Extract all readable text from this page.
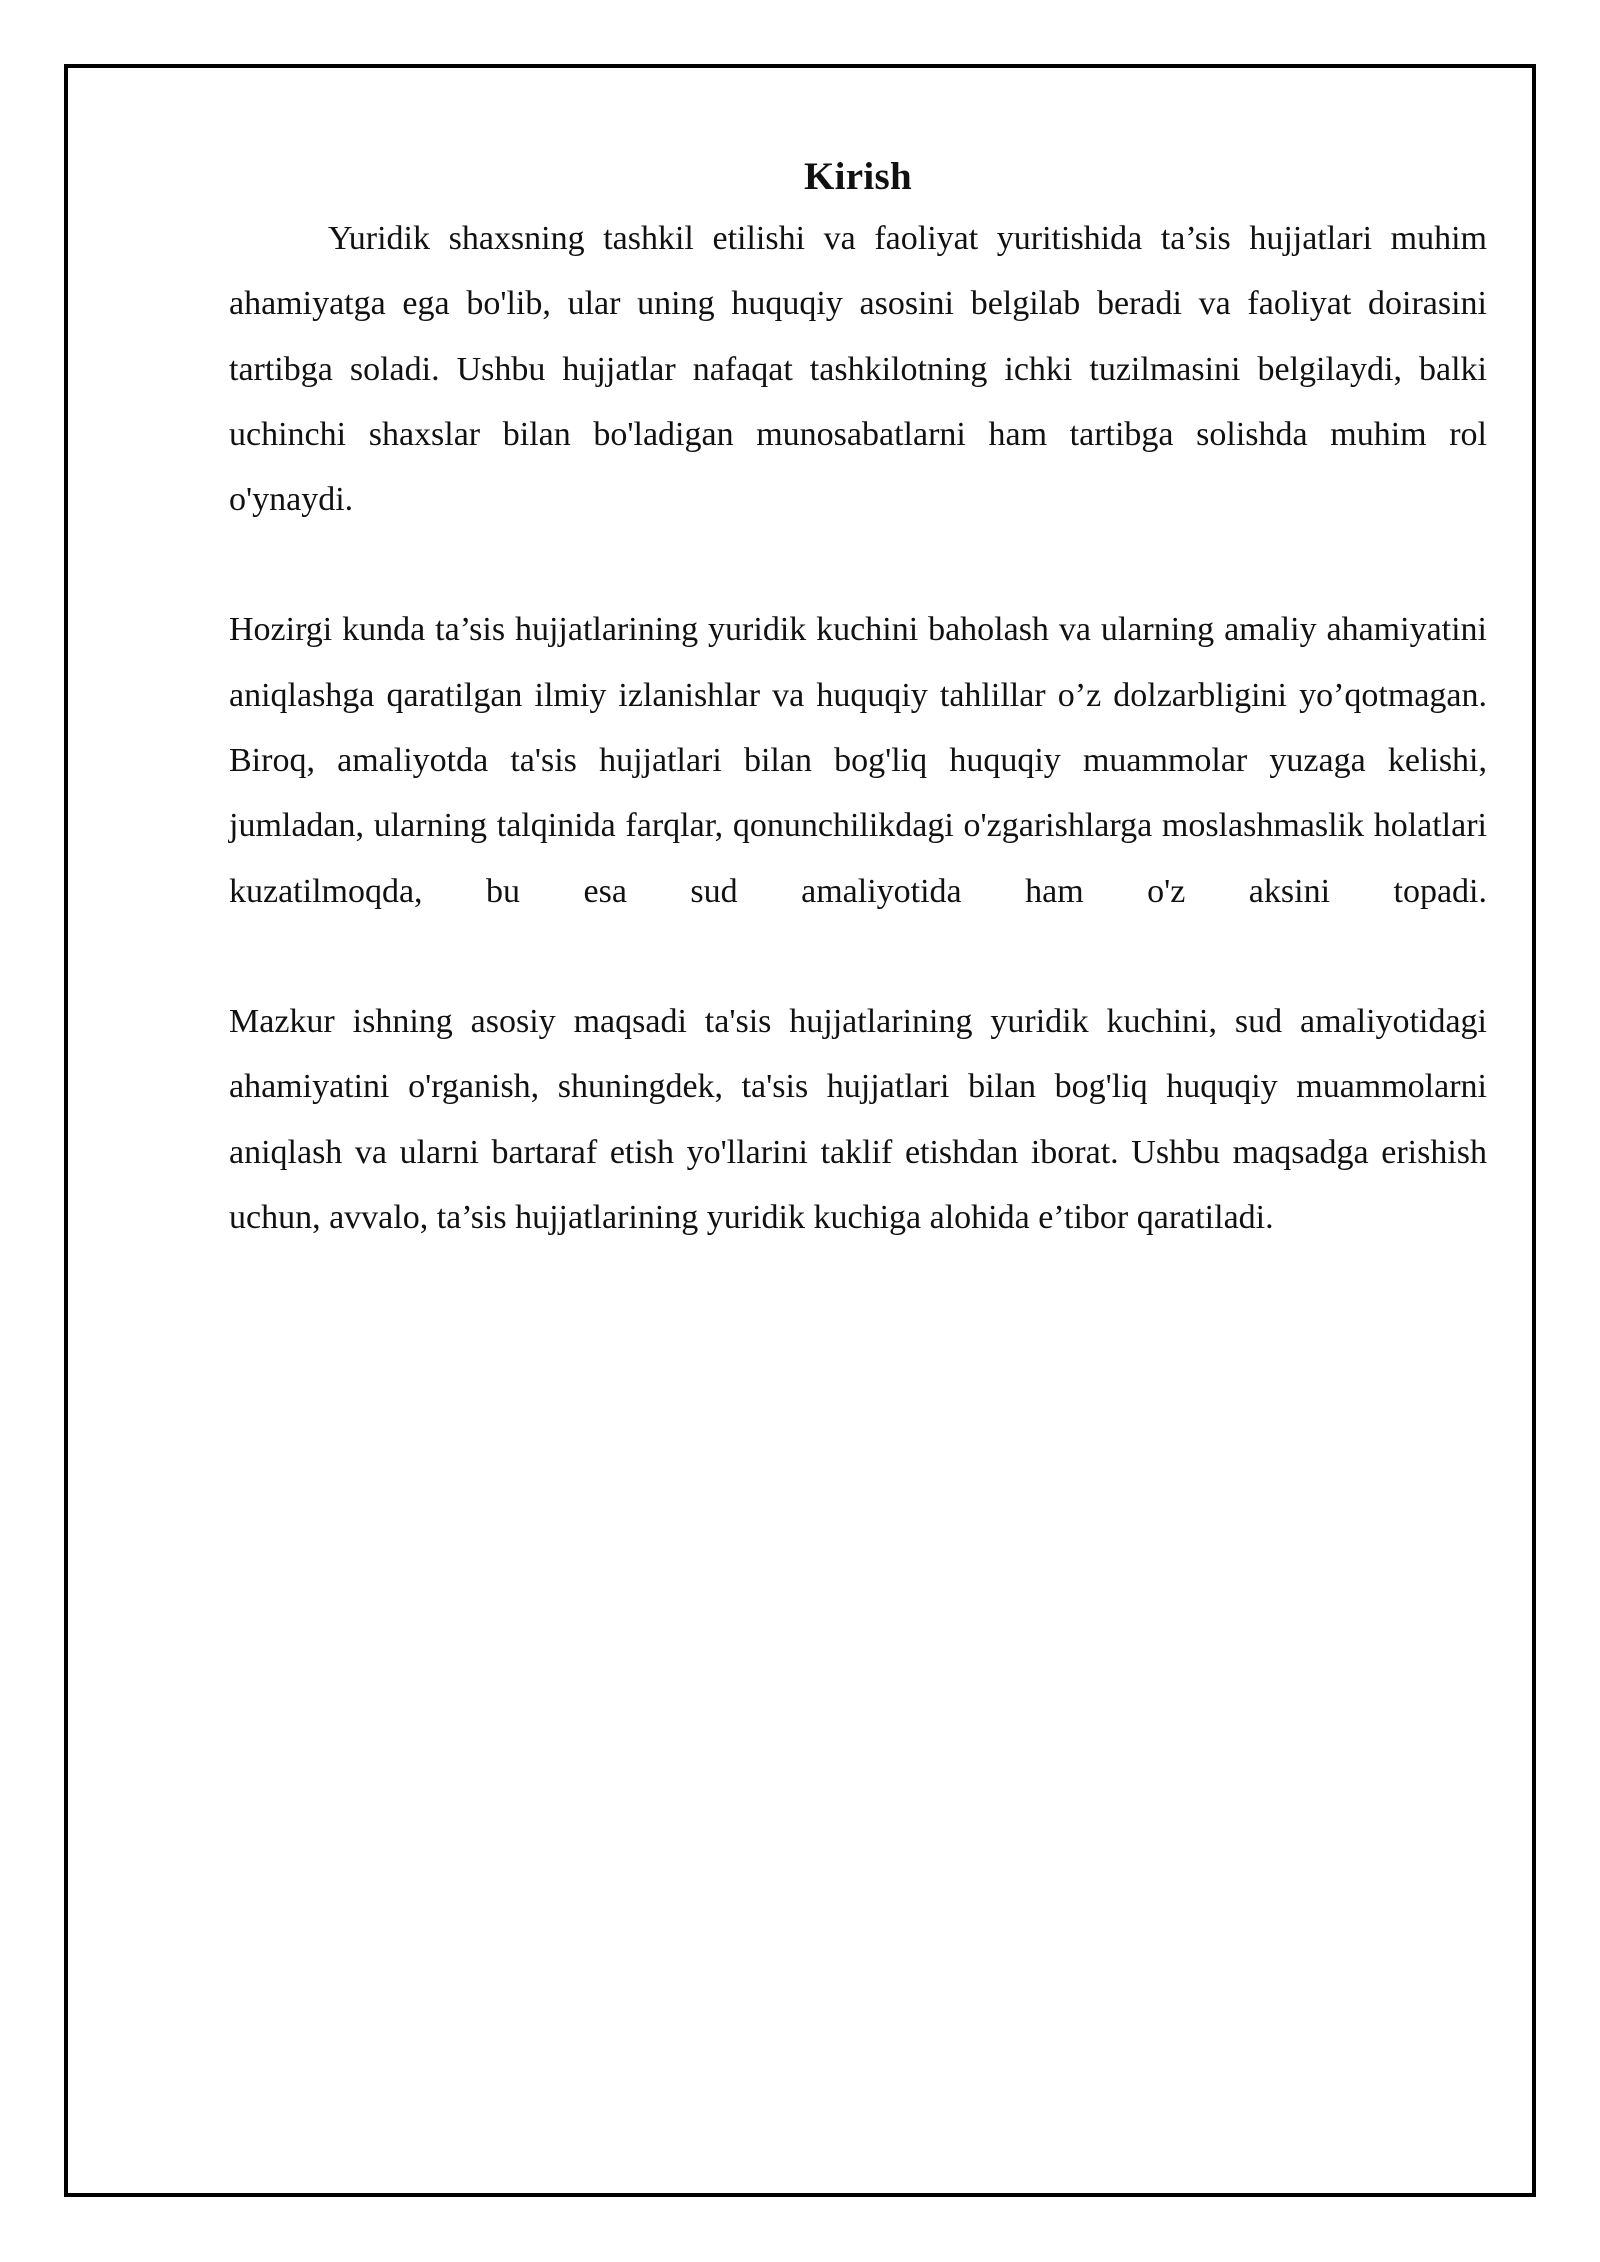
Kirish

Yuridik shaxsning tashkil etilishi va faoliyat yuritishida ta’sis hujjatlari muhim ahamiyatga ega bo'lib, ular uning huquqiy asosini belgilab beradi va faoliyat doirasini tartibga soladi. Ushbu hujjatlar nafaqat tashkilotning ichki tuzilmasini belgilaydi, balki uchinchi shaxslar bilan bo'ladigan munosabatlarni ham tartibga solishda muhim rol o'ynaydi.

Hozirgi kunda ta’sis hujjatlarining yuridik kuchini baholash va ularning amaliy ahamiyatini aniqlashga qaratilgan ilmiy izlanishlar va huquqiy tahlillar o’z dolzarbligini yo’qotmagan. Biroq, amaliyotda ta'sis hujjatlari bilan bog'liq huquqiy muammolar yuzaga kelishi, jumladan, ularning talqinida farqlar, qonunchilikdagi o'zgarishlarga moslashmaslik holatlari kuzatilmoqda, bu esa sud amaliyotida ham o'z aksini topadi.

Mazkur ishning asosiy maqsadi ta'sis hujjatlarining yuridik kuchini, sud amaliyotidagi ahamiyatini o'rganish, shuningdek, ta'sis hujjatlari bilan bog'liq huquqiy muammolarni aniqlash va ularni bartaraf etish yo'llarini taklif etishdan iborat. Ushbu maqsadga erishish uchun, avvalo, ta’sis hujjatlarining yuridik kuchiga alohida e’tibor qaratiladi.
